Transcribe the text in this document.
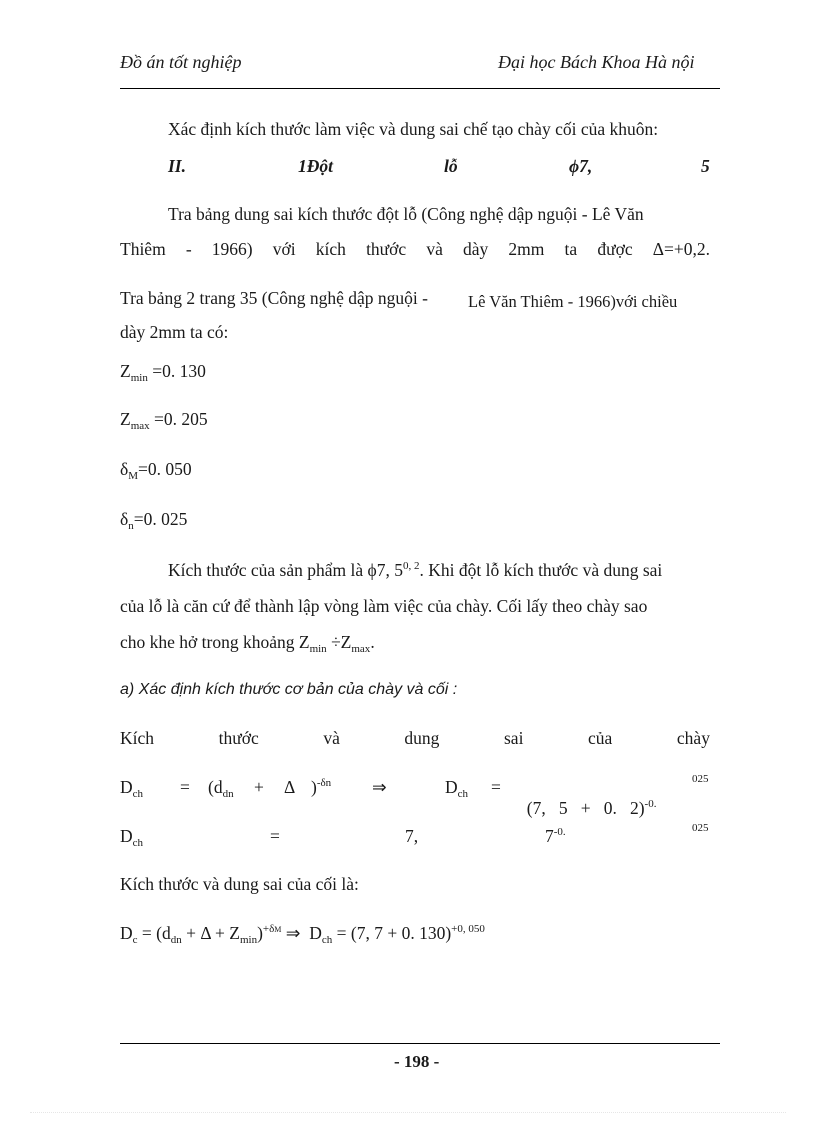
Đồ án tốt nghiệp	Đại học Bách Khoa Hà nội
Xác định kích thước làm việc và dung sai chế tạo chày cối của khuôn:
II.	1Đột	lỗ	ϕ7,	5
Tra bảng dung sai kích thước đột lỗ (Công nghệ dập nguội - Lê Văn
Thiêm - 1966) với kích thước và dày 2mm ta được Δ=+0,2.
Tra bảng 2 trang 35 (Công nghệ dập nguội - Lê Văn Thiêm - 1966)với chiều
dày 2mm ta có:
$Z_{min} =0$. 130
$Z_{max} =0$. 205
$\delta_M=0$. 050
$\delta_n=0$. 025
Kích thước của sản phẩm là ϕ7, 5$^{0, 2}$. Khi đột lỗ kích thước và dung sai
của lỗ là căn cứ để thành lập vòng làm việc của chày. Cối lấy theo chày sao
cho khe hở trong khoảng $Z_{min} \div Z_{max}$.
a) Xác định kích thước cơ bản của chày và cối :
Kích	thước	và	dung	sai	của	chày
$D_{ch} = (d_{dn} + \Delta$ )$^{-\delta n}$ ⇒	$D_{ch}$ =

(7,   5   +   0.   2)$^{-0.}$

025
$D_{ch}$	=	7,	$7^{-0.}$	025
Kích thước và dung sai của cối là:
$D_c = (d_{dn} + \Delta + Z_{min})^{+\delta M}$ ⇒ $D_{ch} = (7$, 7 + 0. 130)$^{+0, 050}$
- 198 -
